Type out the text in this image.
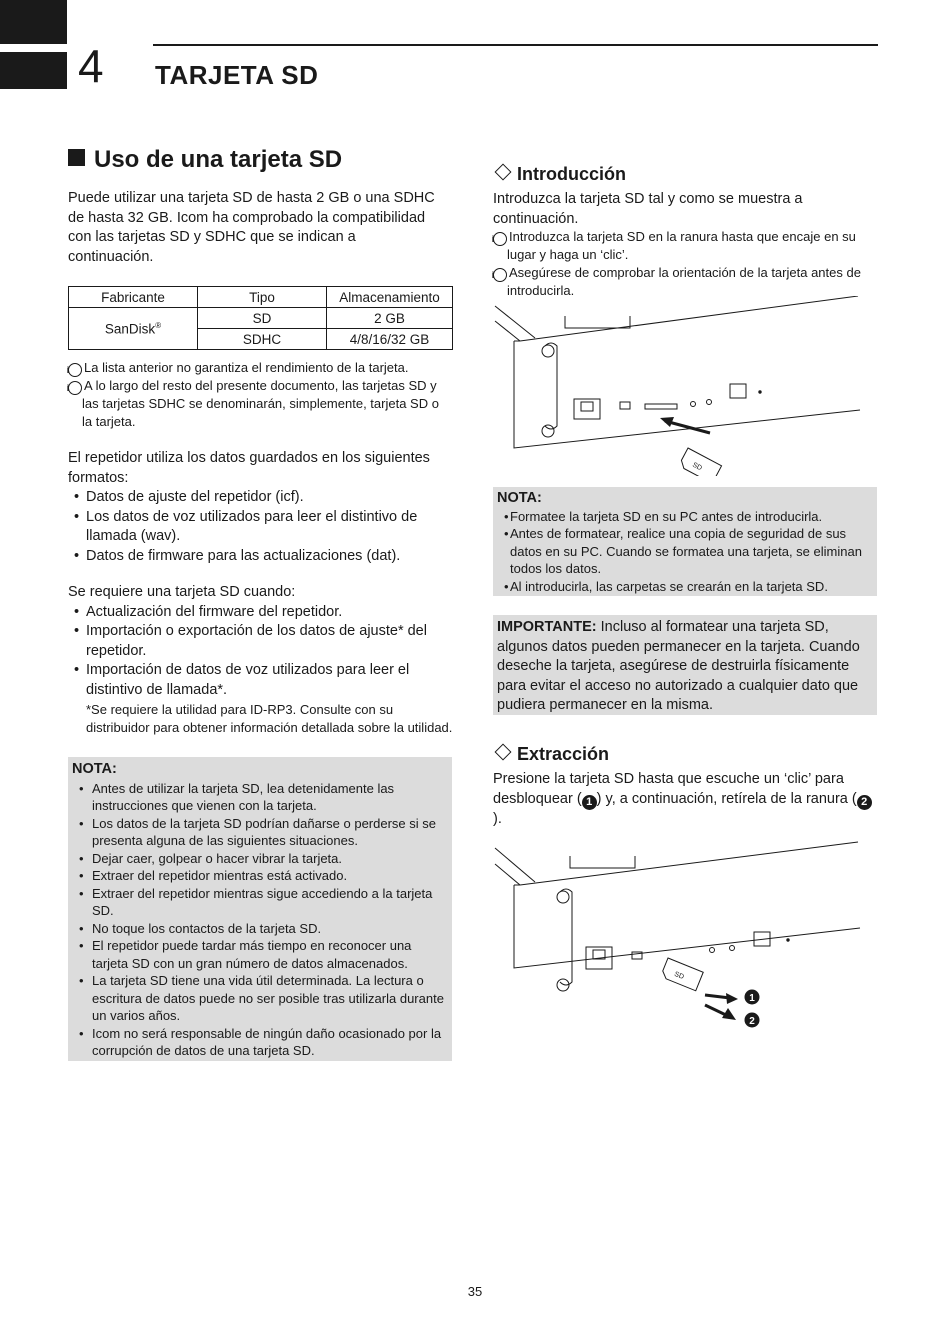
4 TARJETA SD
Uso de una tarjeta SD
Puede utilizar una tarjeta SD de hasta 2 GB o una SDHC de hasta 32 GB. Icom ha comprobado la compatibilidad con las tarjetas SD y SDHC que se indican a continuación.
Fabricante	Tipo	Almacenamiento
SanDisk®	SD	2 GB
	SDHC	4/8/16/32 GB
i La lista anterior no garantiza el rendimiento de la tarjeta.
i A lo largo del resto del presente documento, las tarjetas SD y las tarjetas SDHC se denominarán, simplemente, tarjeta SD o la tarjeta.
El repetidor utiliza los datos guardados en los siguientes formatos:
• Datos de ajuste del repetidor (icf).
• Los datos de voz utilizados para leer el distintivo de llamada (wav).
• Datos de firmware para las actualizaciones (dat).
Se requiere una tarjeta SD cuando:
• Actualización del firmware del repetidor.
• Importación o exportación de los datos de ajuste* del repetidor.
• Importación de datos de voz utilizados para leer el distintivo de llamada*.
*Se requiere la utilidad para ID-RP3. Consulte con su distribuidor para obtener información detallada sobre la utilidad.
NOTA:
• Antes de utilizar la tarjeta SD, lea detenidamente las instrucciones que vienen con la tarjeta.
• Los datos de la tarjeta SD podrían dañarse o perderse si se presenta alguna de las siguientes situaciones.
• Dejar caer, golpear o hacer vibrar la tarjeta.
• Extraer del repetidor mientras está activado.
• Extraer del repetidor mientras sigue accediendo a la tarjeta SD.
• No toque los contactos de la tarjeta SD.
• El repetidor puede tardar más tiempo en reconocer una tarjeta SD con un gran número de datos almacenados.
• La tarjeta SD tiene una vida útil determinada. La lectura o escritura de datos puede no ser posible tras utilizarla durante un varios años.
• Icom no será responsable de ningún daño ocasionado por la corrupción de datos de una tarjeta SD.
Introducción
Introduzca la tarjeta SD tal y como se muestra a continuación.
i Introduzca la tarjeta SD en la ranura hasta que encaje en su lugar y haga un ‘clic’.
i Asegúrese de comprobar la orientación de la tarjeta antes de introducirla.
SD
NOTA:
• Formatee la tarjeta SD en su PC antes de introducirla.
• Antes de formatear, realice una copia de seguridad de sus datos en su PC. Cuando se formatea una tarjeta, se eliminan todos los datos.
• Al introducirla, las carpetas se crearán en la tarjeta SD.
IMPORTANTE: Incluso al formatear una tarjeta SD, algunos datos pueden permanecer en la tarjeta. Cuando deseche la tarjeta, asegúrese de destruirla físicamente para evitar el acceso no autorizado a cualquier dato que pudiera permanecer en la misma.
Extracción
Presione la tarjeta SD hasta que escuche un ‘clic’ para desbloquear ( 1 ) y, a continuación, retírela de la ranura ( 2).
SD
1
2
35
